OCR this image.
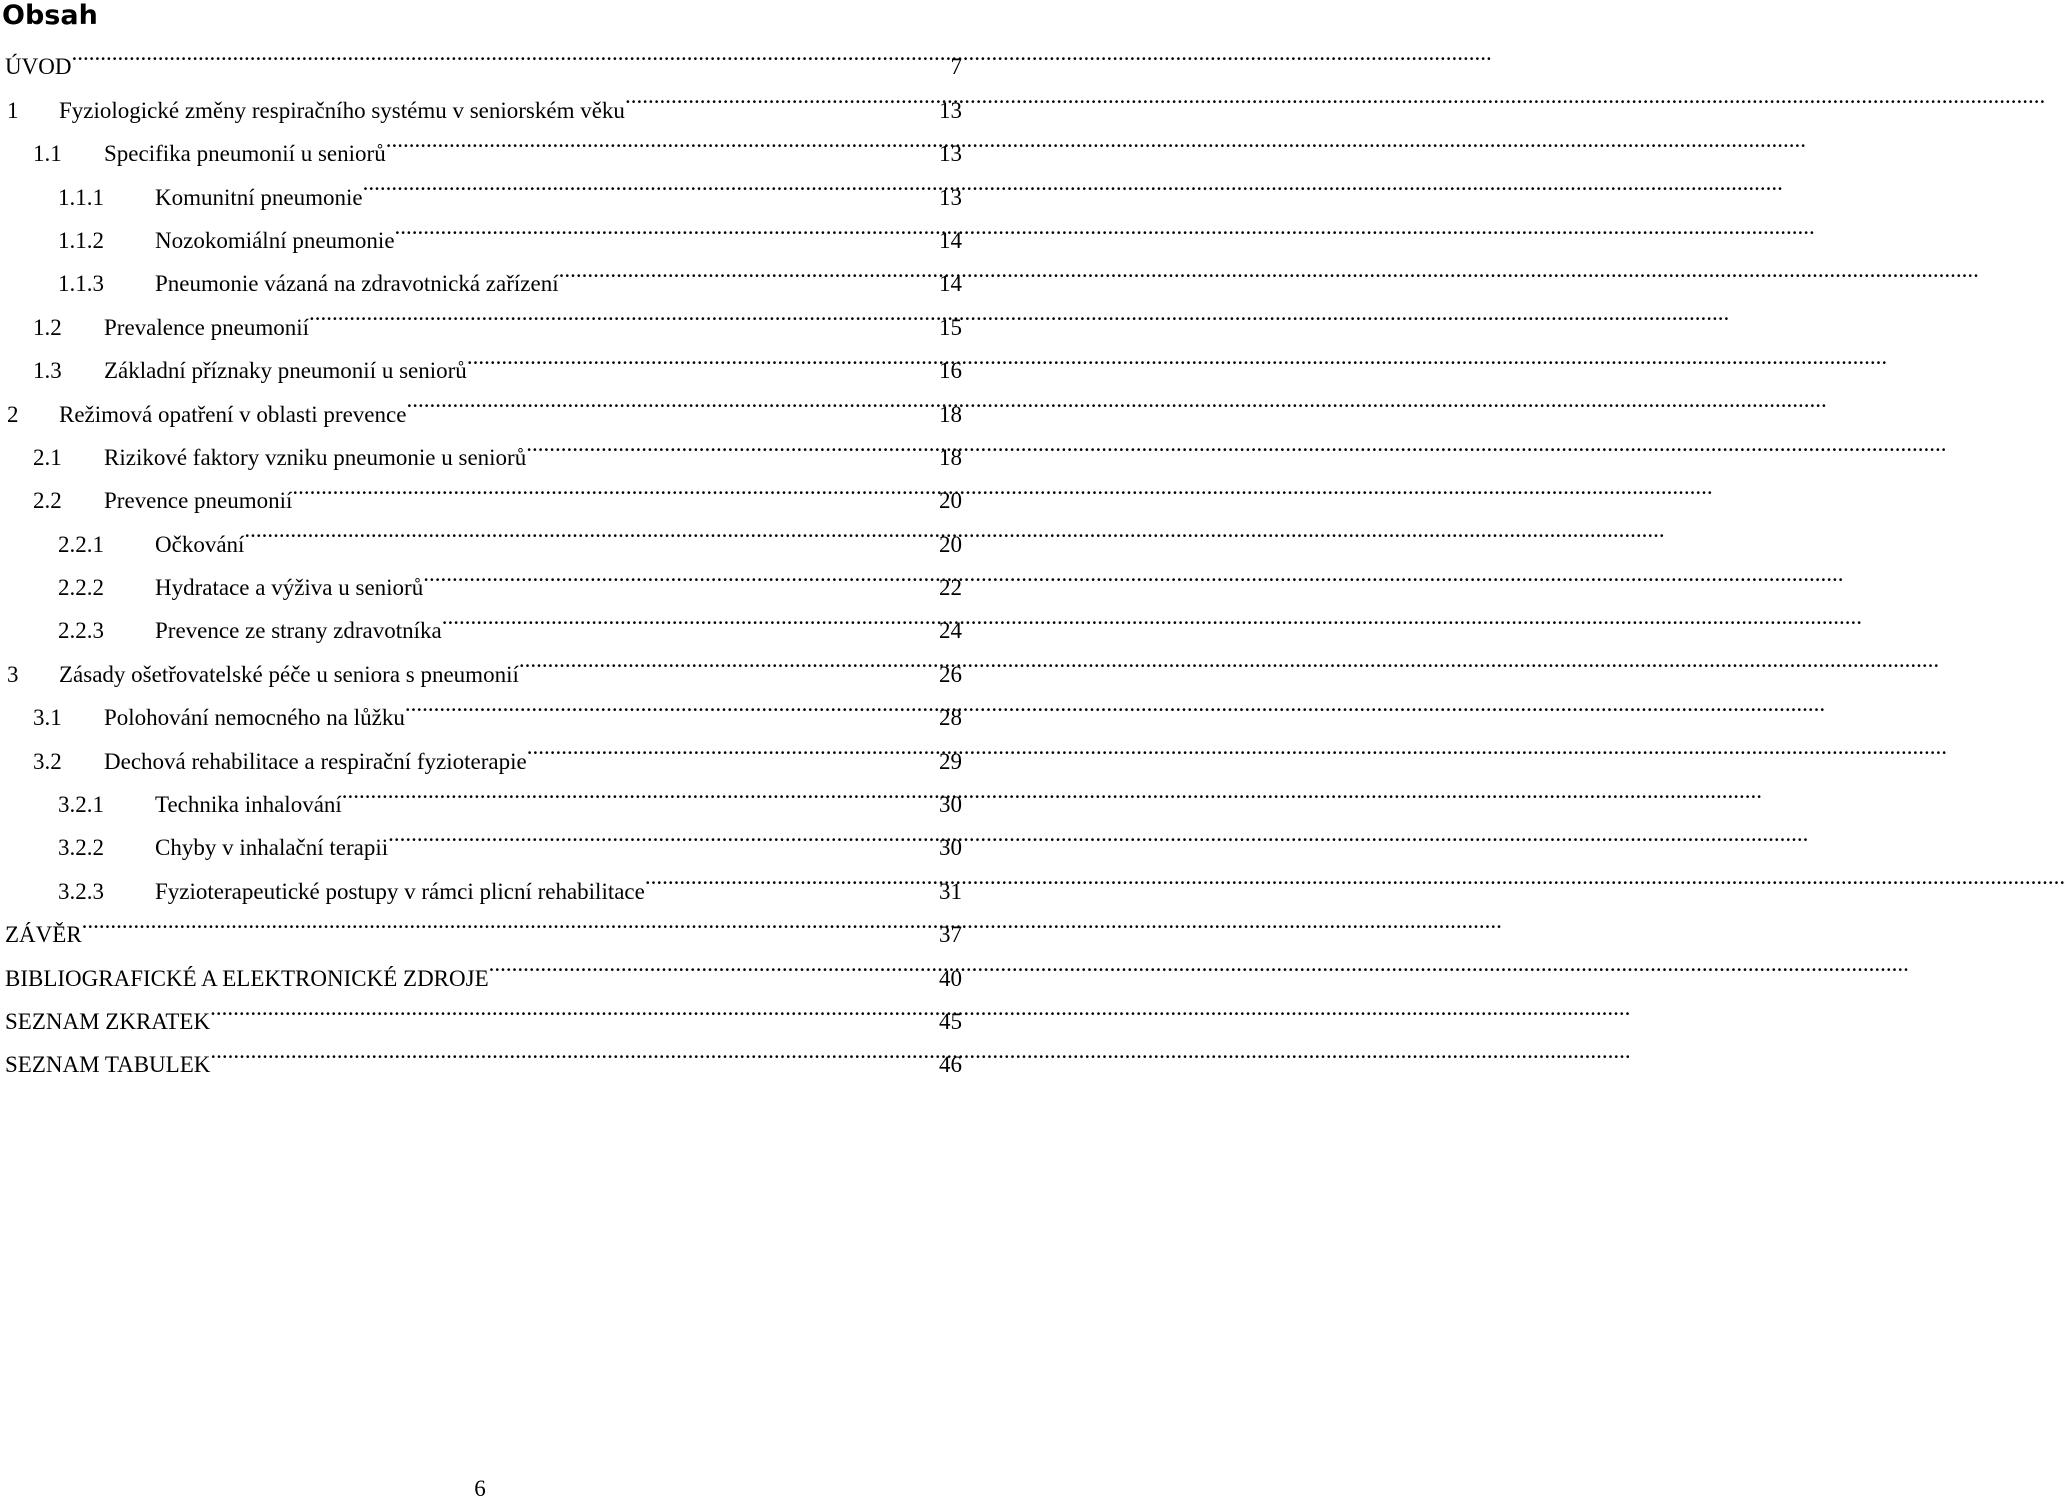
Obsah
ÚVOD .....	7
1	Fyziologické změny respiračního systému v seniorském věku .....	13
1.1	Specifika pneumonií u seniorů .....	13
1.1.1	Komunitní pneumonie .....	13
1.1.2	Nozokomiální pneumonie .....	14
1.1.3	Pneumonie vázaná na zdravotnická zařízení .....	14
1.2	Prevalence pneumonií .....	15
1.3	Základní příznaky pneumonií u seniorů .....	16
2	Režimová opatření v oblasti prevence .....	18
2.1	Rizikové faktory vzniku pneumonie u seniorů .....	18
2.2	Prevence pneumonií .....	20
2.2.1	Očkování .....	20
2.2.2	Hydratace a výživa u seniorů .....	22
2.2.3	Prevence ze strany zdravotníka .....	24
3	Zásady ošetřovatelské péče u seniora s pneumonií .....	26
3.1	Polohování nemocného na lůžku .....	28
3.2	Dechová rehabilitace a respirační fyzioterapie .....	29
3.2.1	Technika inhalování .....	30
3.2.2	Chyby v inhalační terapii .....	30
3.2.3	Fyzioterapeutické postupy v rámci plicní rehabilitace .....	31
ZÁVĚR .....	37
BIBLIOGRAFICKÉ A ELEKTRONICKÉ ZDROJE .....	40
SEZNAM ZKRATEK .....	45
SEZNAM TABULEK .....	46
6
